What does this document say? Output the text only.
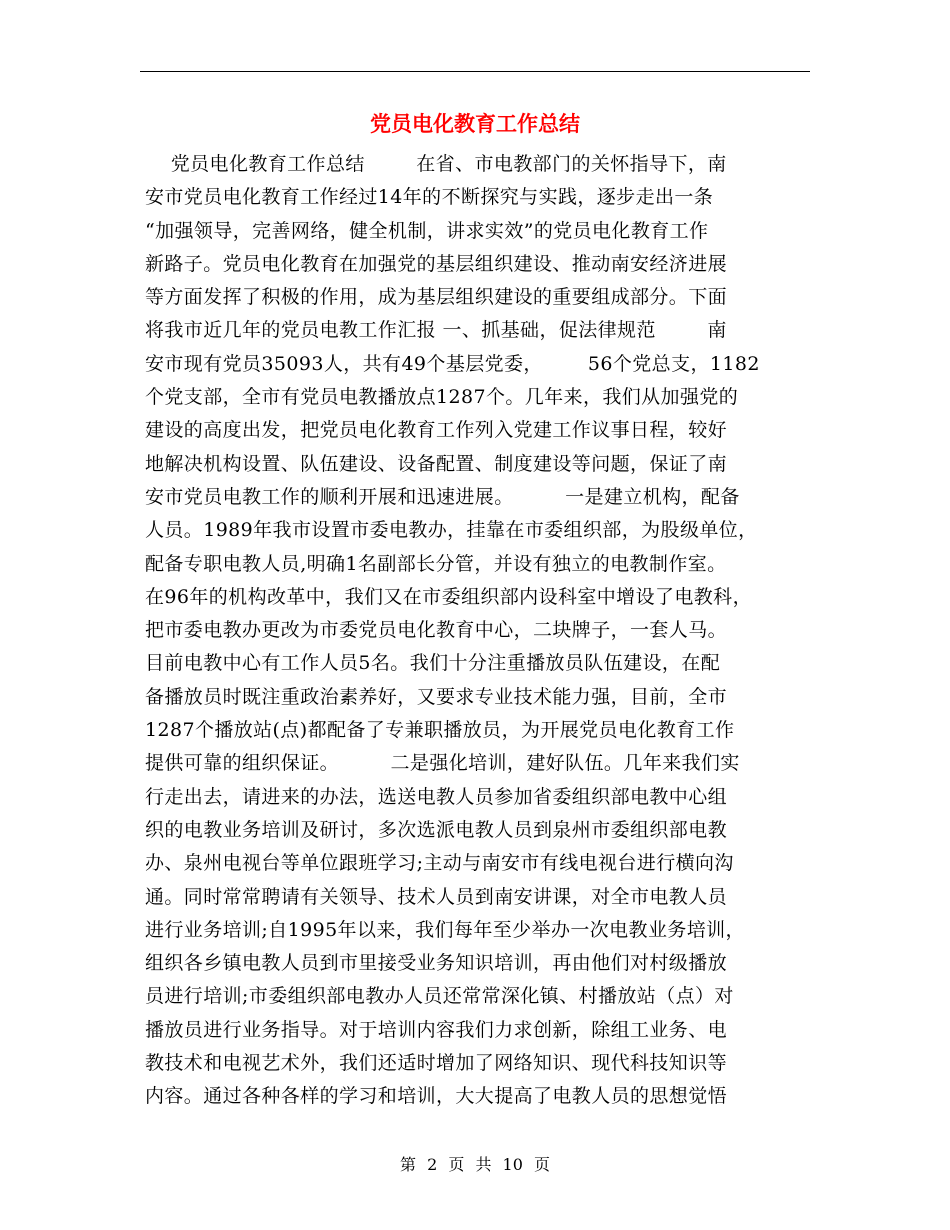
党员电化教育工作总结
党员电化教育工作总结        在省、市电教部门的关怀指导下，南
安市党员电化教育工作经过14年的不断探究与实践，逐步走出一条
“加强领导，完善网络，健全机制，讲求实效”的党员电化教育工作
新路子。党员电化教育在加强党的基层组织建设、推动南安经济进展
等方面发挥了积极的作用，成为基层组织建设的重要组成部分。下面
将我市近几年的党员电教工作汇报 一、抓基础，促法律规范        南
安市现有党员35093人，共有49个基层党委，       56个党总支，1182
个党支部，全市有党员电教播放点1287个。几年来，我们从加强党的
建设的高度出发，把党员电化教育工作列入党建工作议事日程，较好
地解决机构设置、队伍建设、设备配置、制度建设等问题，保证了南
安市党员电教工作的顺利开展和迅速进展。        一是建立机构，配备
人员。1989年我市设置市委电教办，挂靠在市委组织部，为股级单位，
配备专职电教人员,明确1名副部长分管，并设有独立的电教制作室。
在96年的机构改革中，我们又在市委组织部内设科室中增设了电教科，
把市委电教办更改为市委党员电化教育中心，二块牌子，一套人马。
目前电教中心有工作人员5名。我们十分注重播放员队伍建设，在配
备播放员时既注重政治素养好，又要求专业技术能力强，目前，全市
1287个播放站(点)都配备了专兼职播放员，为开展党员电化教育工作
提供可靠的组织保证。        二是强化培训，建好队伍。几年来我们实
行走出去，请进来的办法，选送电教人员参加省委组织部电教中心组
织的电教业务培训及研讨，多次选派电教人员到泉州市委组织部电教
办、泉州电视台等单位跟班学习;主动与南安市有线电视台进行横向沟
通。同时常常聘请有关领导、技术人员到南安讲课，对全市电教人员
进行业务培训;自1995年以来，我们每年至少举办一次电教业务培训，
组织各乡镇电教人员到市里接受业务知识培训，再由他们对村级播放
员进行培训;市委组织部电教办人员还常常深化镇、村播放站（点）对
播放员进行业务指导。对于培训内容我们力求创新，除组工业务、电
教技术和电视艺术外，我们还适时增加了网络知识、现代科技知识等
内容。通过各种各样的学习和培训，大大提高了电教人员的思想觉悟
第 2 页 共 10 页
